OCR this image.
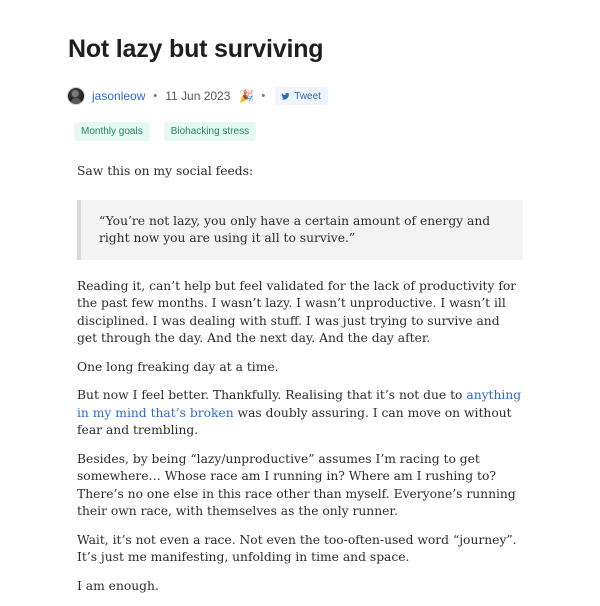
Not lazy but surviving
jasonleow • 11 Jun 2023 🎉 •	Tweet
Monthly goals	Biohacking stress

Saw this on my social feeds:

“You’re not lazy, you only have a certain amount of energy and right now you are using it all to survive.”

Reading it, can’t help but feel validated for the lack of productivity for the past few months. I wasn’t lazy. I wasn’t unproductive. I wasn’t ill disciplined. I was dealing with stuff. I was just trying to survive and get through the day. And the next day. And the day after.

One long freaking day at a time.

But now I feel better. Thankfully. Realising that it’s not due to anything in my mind that’s broken was doubly assuring. I can move on without fear and trembling.

Besides, by being “lazy/unproductive” assumes I’m racing to get somewhere… Whose race am I running in? Where am I rushing to? There’s no one else in this race other than myself. Everyone’s running their own race, with themselves as the only runner.

Wait, it’s not even a race. Not even the too-often-used word “journey”. It’s just me manifesting, unfolding in time and space.

I am enough.
